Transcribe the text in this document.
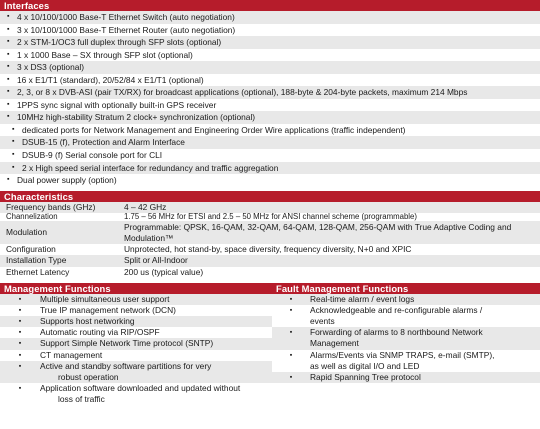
Interfaces
▪ 4 x 10/100/1000 Base-T Ethernet Switch (auto negotiation)
▪ 3 x 10/100/1000 Base-T Ethernet Router (auto negotiation)
▪ 2 x STM-1/OC3 full duplex through SFP slots (optional)
▪ 1 x 1000 Base – SX through SFP slot (optional)
▪ 3 x DS3 (optional)
▪ 16 x E1/T1 (standard), 20/52/84 x E1/T1 (optional)
▪ 2, 3, or 8 x DVB-ASI (pair TX/RX) for broadcast applications (optional), 188-byte & 204-byte packets, maximum 214 Mbps
▪ 1PPS sync signal with optionally built-in GPS receiver
▪ 10MHz high-stability Stratum 2 clock+ synchronization (optional)
▪ dedicated ports for Network Management and Engineering Order Wire applications (traffic independent)
▪ DSUB-15 (f), Protection and Alarm Interface
▪ DSUB-9 (f) Serial console port for CLI
▪ 2 x High speed serial interface for redundancy and traffic aggregation
▪ Dual power supply (option)
Characteristics
Frequency bands (GHz)	4 – 42 GHz
Channelization	1.75 – 56 MHz for ETSI and 2.5 – 50 MHz for ANSI channel scheme (programmable)
Modulation	Programmable: QPSK, 16-QAM, 32-QAM, 64-QAM, 128-QAM, 256-QAM with True Adaptive Coding and Modulation™
Configuration	Unprotected, hot stand-by, space diversity, frequency diversity, N+0 and XPIC
Installation Type	Split or All-Indoor
Ethernet Latency	200 us (typical value)
Management Functions	Fault Management Functions
▪	Multiple simultaneous user support
▪	True IP management network (DCN)
▪	Supports host networking
▪	Automatic routing via RIP/OSPF
▪	Support Simple Network Time protocol (SNTP)
▪	CT management
▪	Active and standby software partitions for very
robust operation
▪	Application software downloaded and updated without
loss of traffic
▪	Real-time alarm / event logs
▪	Acknowledgeable and re-configurable alarms /
events
▪	Forwarding of alarms to 8 northbound Network
Management
▪	Alarms/Events via SNMP TRAPS, e-mail (SMTP),
as well as digital I/O and LED
▪	Rapid Spanning Tree protocol
